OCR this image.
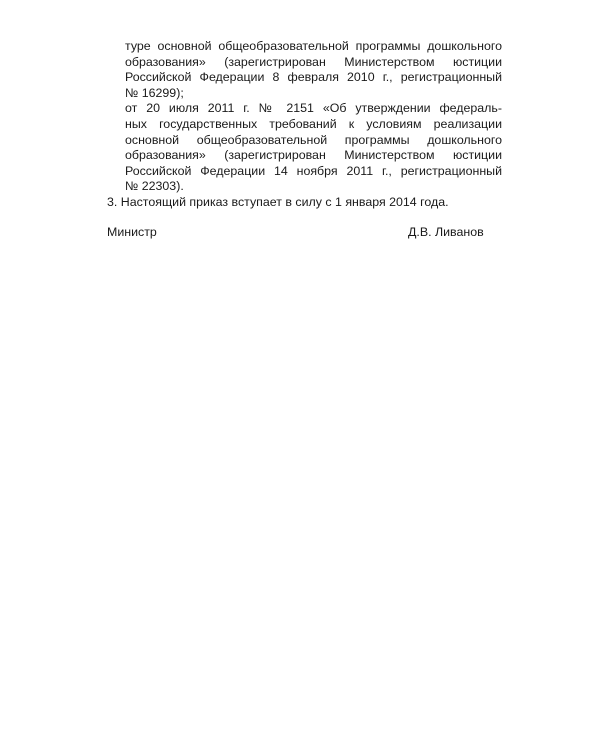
туре основной общеобразовательной программы дошкольного
образования» (зарегистрирован Министерством юстиции
Российской Федерации 8 февраля 2010 г., регистрационный
№ 16299);
от 20 июля 2011 г. № 2151 «Об утверждении федераль-
ных государственных требований к условиям реализации
основной общеобразовательной программы дошкольного
образования» (зарегистрирован Министерством юстиции
Российской Федерации 14 ноября 2011 г., регистрационный
№ 22303).
3. Настоящий приказ вступает в силу с 1 января 2014 года.
Министр	Д.В. Ливанов
